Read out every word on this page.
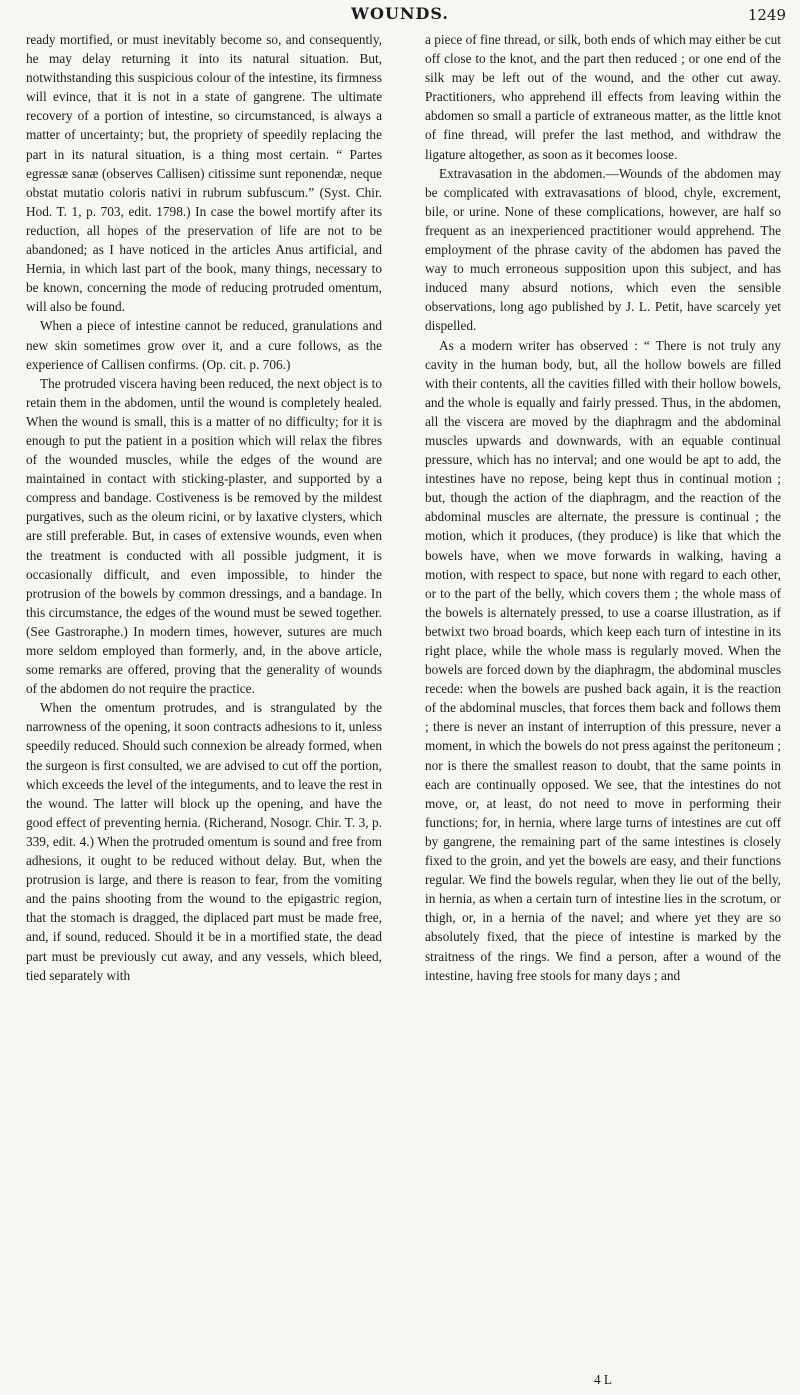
WOUNDS.	1249

ready mortified, or must inevitably become so, and consequently, he may delay returning it into its natural situation. But, notwithstanding this suspicious colour of the intestine, its firmness will evince, that it is not in a state of gangrene. The ultimate recovery of a portion of intestine, so circumstanced, is always a matter of uncertainty; but, the propriety of speedily replacing the part in its natural situation, is a thing most certain. “ Partes egressæ sanæ (observes Callisen) citissime sunt reponendæ, neque obstat mutatio coloris nativi in rubrum subfuscum.” (Syst. Chir. Hod. T. 1, p. 703, edit. 1798.) In case the bowel mortify after its reduction, all hopes of the preservation of life are not to be abandoned; as I have noticed in the articles Anus artificial, and Hernia, in which last part of the book, many things, necessary to be known, concerning the mode of reducing protruded omentum, will also be found.

When a piece of intestine cannot be reduced, granulations and new skin sometimes grow over it, and a cure follows, as the experience of Callisen confirms. (Op. cit. p. 706.)

The protruded viscera having been reduced, the next object is to retain them in the abdomen, until the wound is completely healed. When the wound is small, this is a matter of no difficulty; for it is enough to put the patient in a position which will relax the fibres of the wounded muscles, while the edges of the wound are maintained in contact with sticking-plaster, and supported by a compress and bandage. Costiveness is be removed by the mildest purgatives, such as the oleum ricini, or by laxative clysters, which are still preferable. But, in cases of extensive wounds, even when the treatment is conducted with all possible judgment, it is occasionally difficult, and even impossible, to hinder the protrusion of the bowels by common dressings, and a bandage. In this circumstance, the edges of the wound must be sewed together. (See Gastroraphe.) In modern times, however, sutures are much more seldom employed than formerly, and, in the above article, some remarks are offered, proving that the generality of wounds of the abdomen do not require the practice.

When the omentum protrudes, and is strangulated by the narrowness of the opening, it soon contracts adhesions to it, unless speedily reduced. Should such connexion be already formed, when the surgeon is first consulted, we are advised to cut off the portion, which exceeds the level of the integuments, and to leave the rest in the wound. The latter will block up the opening, and have the good effect of preventing hernia. (Richerand, Nosogr. Chir. T. 3, p. 339, edit. 4.) When the protruded omentum is sound and free from adhesions, it ought to be reduced without delay. But, when the protrusion is large, and there is reason to fear, from the vomiting and the pains shooting from the wound to the epigastric region, that the stomach is dragged, the diplaced part must be made free, and, if sound, reduced. Should it be in a mortified state, the dead part must be previously cut away, and any vessels, which bleed, tied separately with

a piece of fine thread, or silk, both ends of which may either be cut off close to the knot, and the part then reduced ; or one end of the silk may be left out of the wound, and the other cut away. Practitioners, who apprehend ill effects from leaving within the abdomen so small a particle of extraneous matter, as the little knot of fine thread, will prefer the last method, and withdraw the ligature altogether, as soon as it becomes loose.

Extravasation in the abdomen.—Wounds of the abdomen may be complicated with extravasations of blood, chyle, excrement, bile, or urine. None of these complications, however, are half so frequent as an inexperienced practitioner would apprehend. The employment of the phrase cavity of the abdomen has paved the way to much erroneous supposition upon this subject, and has induced many absurd notions, which even the sensible observations, long ago published by J. L. Petit, have scarcely yet dispelled.

As a modern writer has observed : “ There is not truly any cavity in the human body, but, all the hollow bowels are filled with their contents, all the cavities filled with their hollow bowels, and the whole is equally and fairly pressed. Thus, in the abdomen, all the viscera are moved by the diaphragm and the abdominal muscles upwards and downwards, with an equable continual pressure, which has no interval; and one would be apt to add, the intestines have no repose, being kept thus in continual motion ; but, though the action of the diaphragm, and the reaction of the abdominal muscles are alternate, the pressure is continual ; the motion, which it produces, (they produce) is like that which the bowels have, when we move forwards in walking, having a motion, with respect to space, but none with regard to each other, or to the part of the belly, which covers them ; the whole mass of the bowels is alternately pressed, to use a coarse illustration, as if betwixt two broad boards, which keep each turn of intestine in its right place, while the whole mass is regularly moved. When the bowels are forced down by the diaphragm, the abdominal muscles recede: when the bowels are pushed back again, it is the reaction of the abdominal muscles, that forces them back and follows them ; there is never an instant of interruption of this pressure, never a moment, in which the bowels do not press against the peritoneum ; nor is there the smallest reason to doubt, that the same points in each are continually opposed. We see, that the intestines do not move, or, at least, do not need to move in performing their functions; for, in hernia, where large turns of intestines are cut off by gangrene, the remaining part of the same intestines is closely fixed to the groin, and yet the bowels are easy, and their functions regular. We find the bowels regular, when they lie out of the belly, in hernia, as when a certain turn of intestine lies in the scrotum, or thigh, or, in a hernia of the navel; and where yet they are so absolutely fixed, that the piece of intestine is marked by the straitness of the rings. We find a person, after a wound of the intestine, having free stools for many days ; and

4 L
